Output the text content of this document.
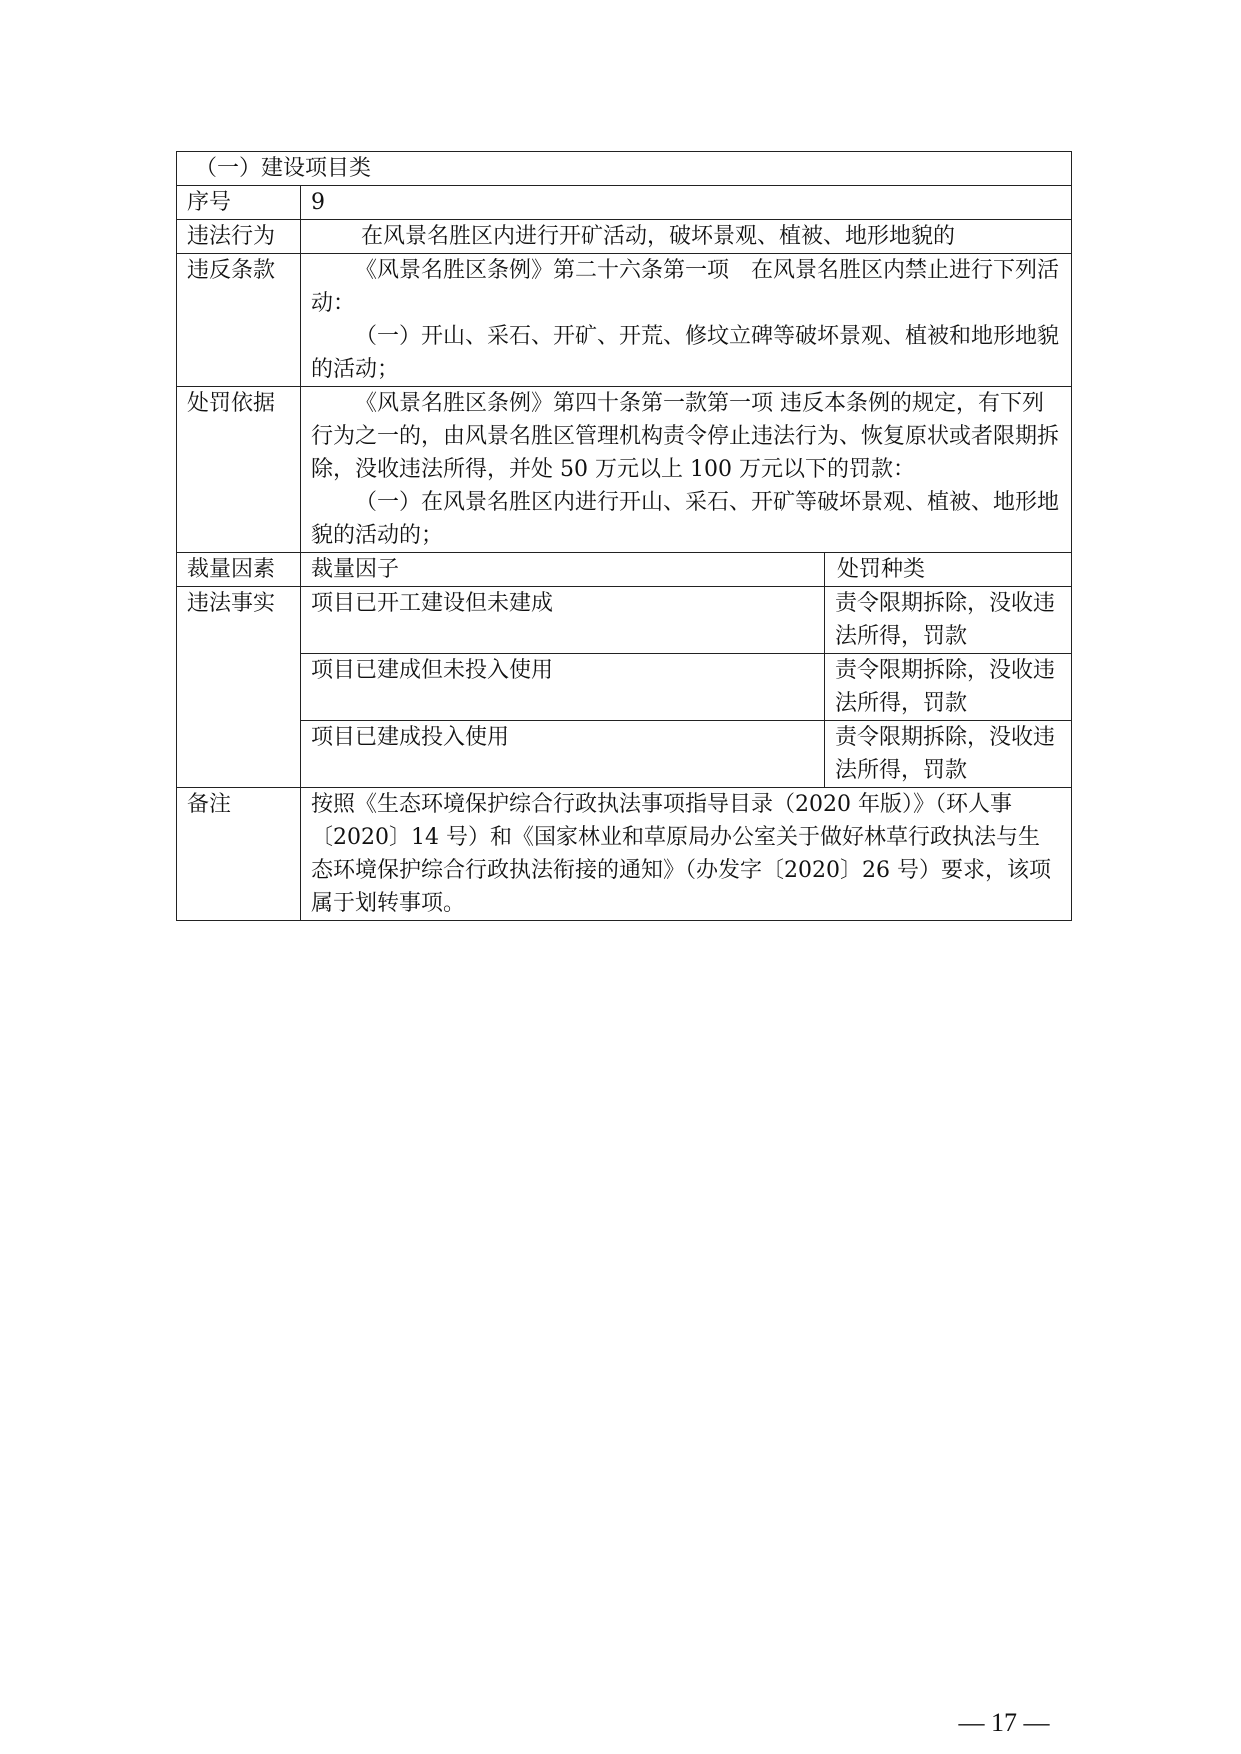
（一）建设项目类		
序号	9	
违法行为	在风景名胜区内进行开矿活动，破坏景观、植被、地形地貌的	
违反条款	《风景名胜区条例》第二十六条第一项　在风景名胜区内禁止进行下列活动：
（一）开山、采石、开矿、开荒、修坟立碑等破坏景观、植被和地形地貌的活动；	

处罚依据	《风景名胜区条例》第四十条第一款第一项 违反本条例的规定，有下列行为之一的，由风景名胜区管理机构责令停止违法行为、恢复原状或者限期拆除，没收违法所得，并处 50 万元以上 100 万元以下的罚款：
（一）在风景名胜区内进行开山、采石、开矿等破坏景观、植被、地形地貌的活动的；	

裁量因素	裁量因子	处罚种类
违法事实	项目已开工建设但未建成	责令限期拆除，没收违法所得，罚款
	项目已建成但未投入使用	责令限期拆除，没收违法所得，罚款
	项目已建成投入使用	责令限期拆除，没收违法所得，罚款
备注	按照《生态环境保护综合行政执法事项指导目录（2020 年版）》（环人事〔2020〕14 号）和《国家林业和草原局办公室关于做好林草行政执法与生态环境保护综合行政执法衔接的通知》（办发字〔2020〕26 号）要求，该项属于划转事项。	
— 17 —
